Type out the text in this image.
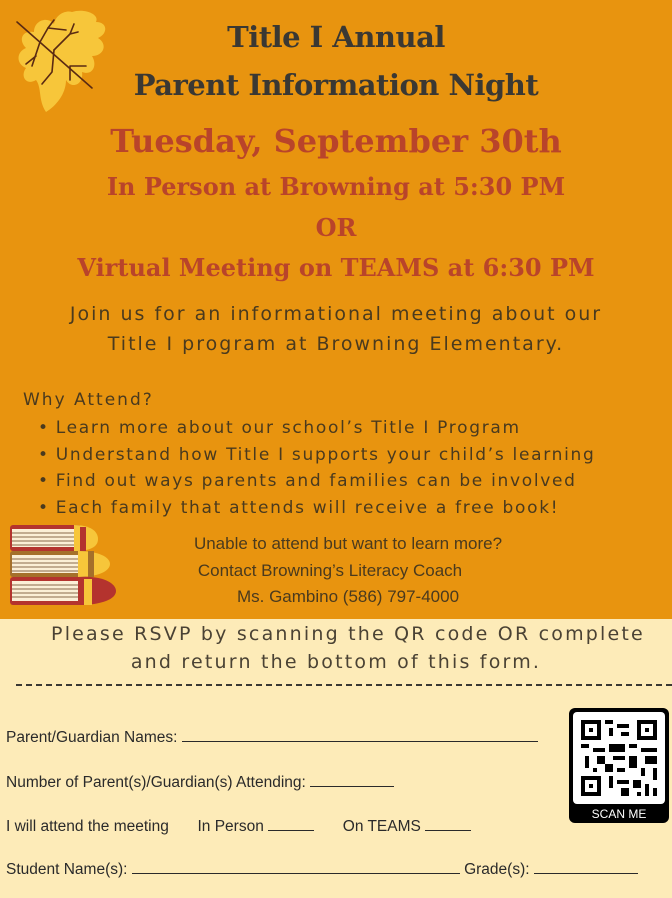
Title I Annual
Parent Information Night
Tuesday, September 30th
In Person at Browning at 5:30 PM
OR
Virtual Meeting on TEAMS at 6:30 PM
Join us for an informational meeting about our
Title I program at Browning Elementary.
Why Attend?
• Learn more about our school’s Title I Program
• Understand how Title I supports your child’s learning
• Find out ways parents and families can be involved
• Each family that attends will receive a free book!
Unable to attend but want to learn more?
Contact Browning’s Literacy Coach
Ms. Gambino (586) 797-4000
Please RSVP by scanning the QR code OR complete
and return the bottom of this form.
Parent/Guardian Names:
Number of Parent(s)/Guardian(s) Attending:
I will attend the meeting In Person	On TEAMS
Student Name(s):	Grade(s):
SCAN ME
